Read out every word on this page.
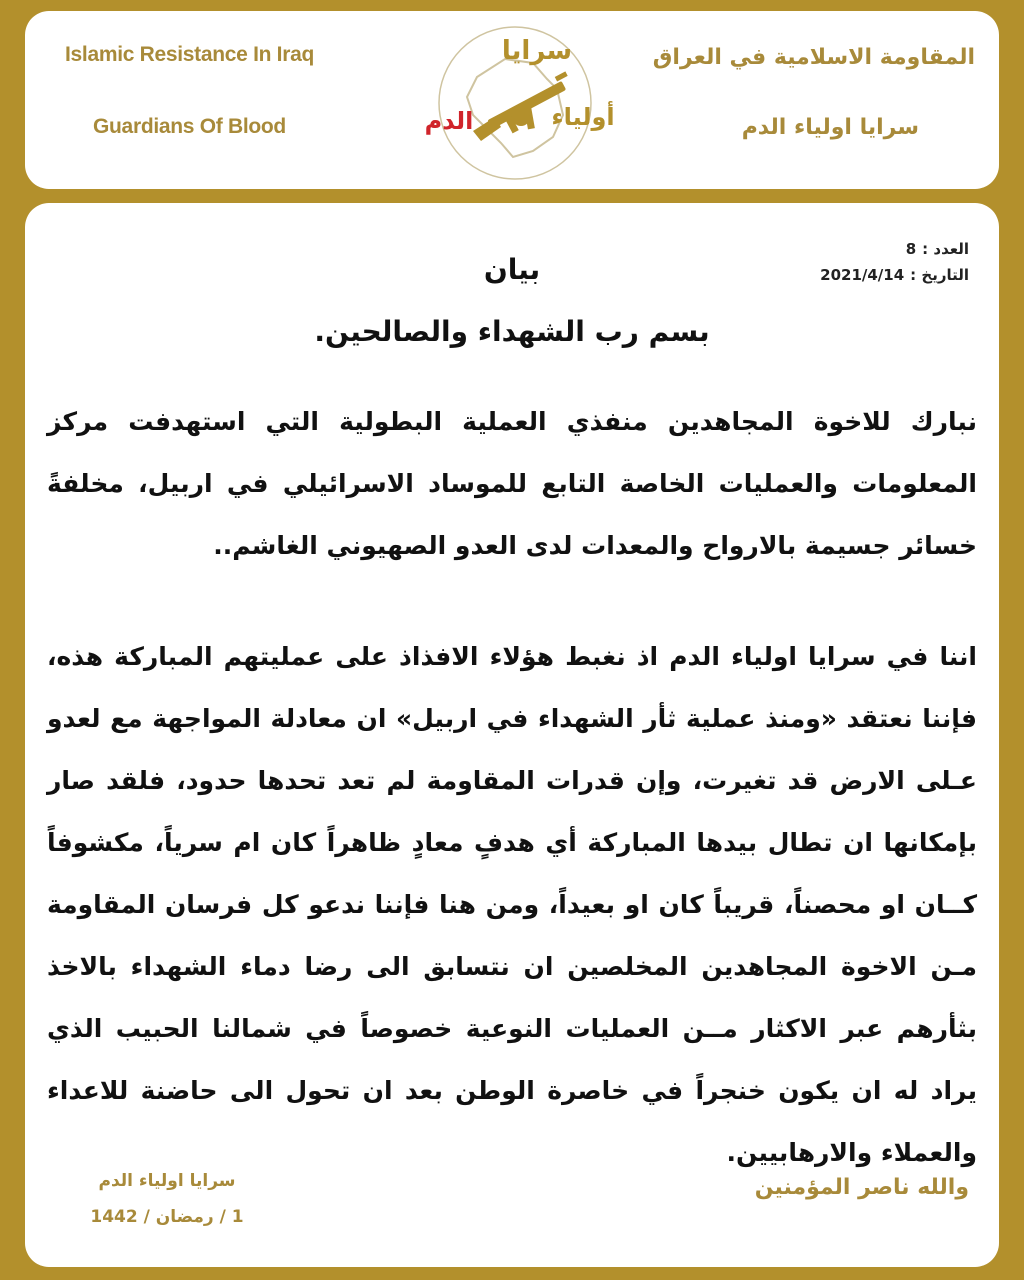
Islamic Resistance In Iraq
Guardians Of Blood
سرايا
أولياء
الدم
المقاومة الاسلامية في العراق
سرايا اولياء الدم
العدد :8
التاريخ :2021/4/14
بيان
بسم رب الشهداء والصالحين.
نبارك للاخوة المجاهدين منفذي العملية البطولية التي استهدفت مركز المعلومات والعمليات الخاصة التابع للموساد الاسرائيلي في اربيل، مخلفةً خسائر جسيمة بالارواح والمعدات لدى العدو الصهيوني الغاشم..
اننا في سرايا اولياء الدم اذ نغبط هؤلاء الافذاذ على عمليتهم المباركة هذه، فإننا نعتقد «ومنذ عملية ثأر الشهداء في اربيل» ان معادلة المواجهة مع لعدو عـلى الارض قد تغيرت، وإن قدرات المقاومة لم تعد تحدها حدود، فلقد صار بإمكانها ان تطال بيدها المباركة أي هدفٍ معادٍ ظاهراً كان ام سرياً، مكشوفاً كــان او محصناً، قريباً كان او بعيداً، ومن هنا فإننا ندعو كل فرسان المقاومة مـن الاخوة المجاهدين المخلصين ان نتسابق الى رضا دماء الشهداء بالاخذ بثأرهم عبر الاكثار مــن العمليات النوعية خصوصاً في شمالنا الحبيب الذي يراد له ان يكون خنجراً في خاصرة الوطن بعد ان تحول الى حاضنة للاعداء والعملاء والارهابيين.
والله ناصر المؤمنين
سرايا اولياء الدم
1 / رمضان / 1442
